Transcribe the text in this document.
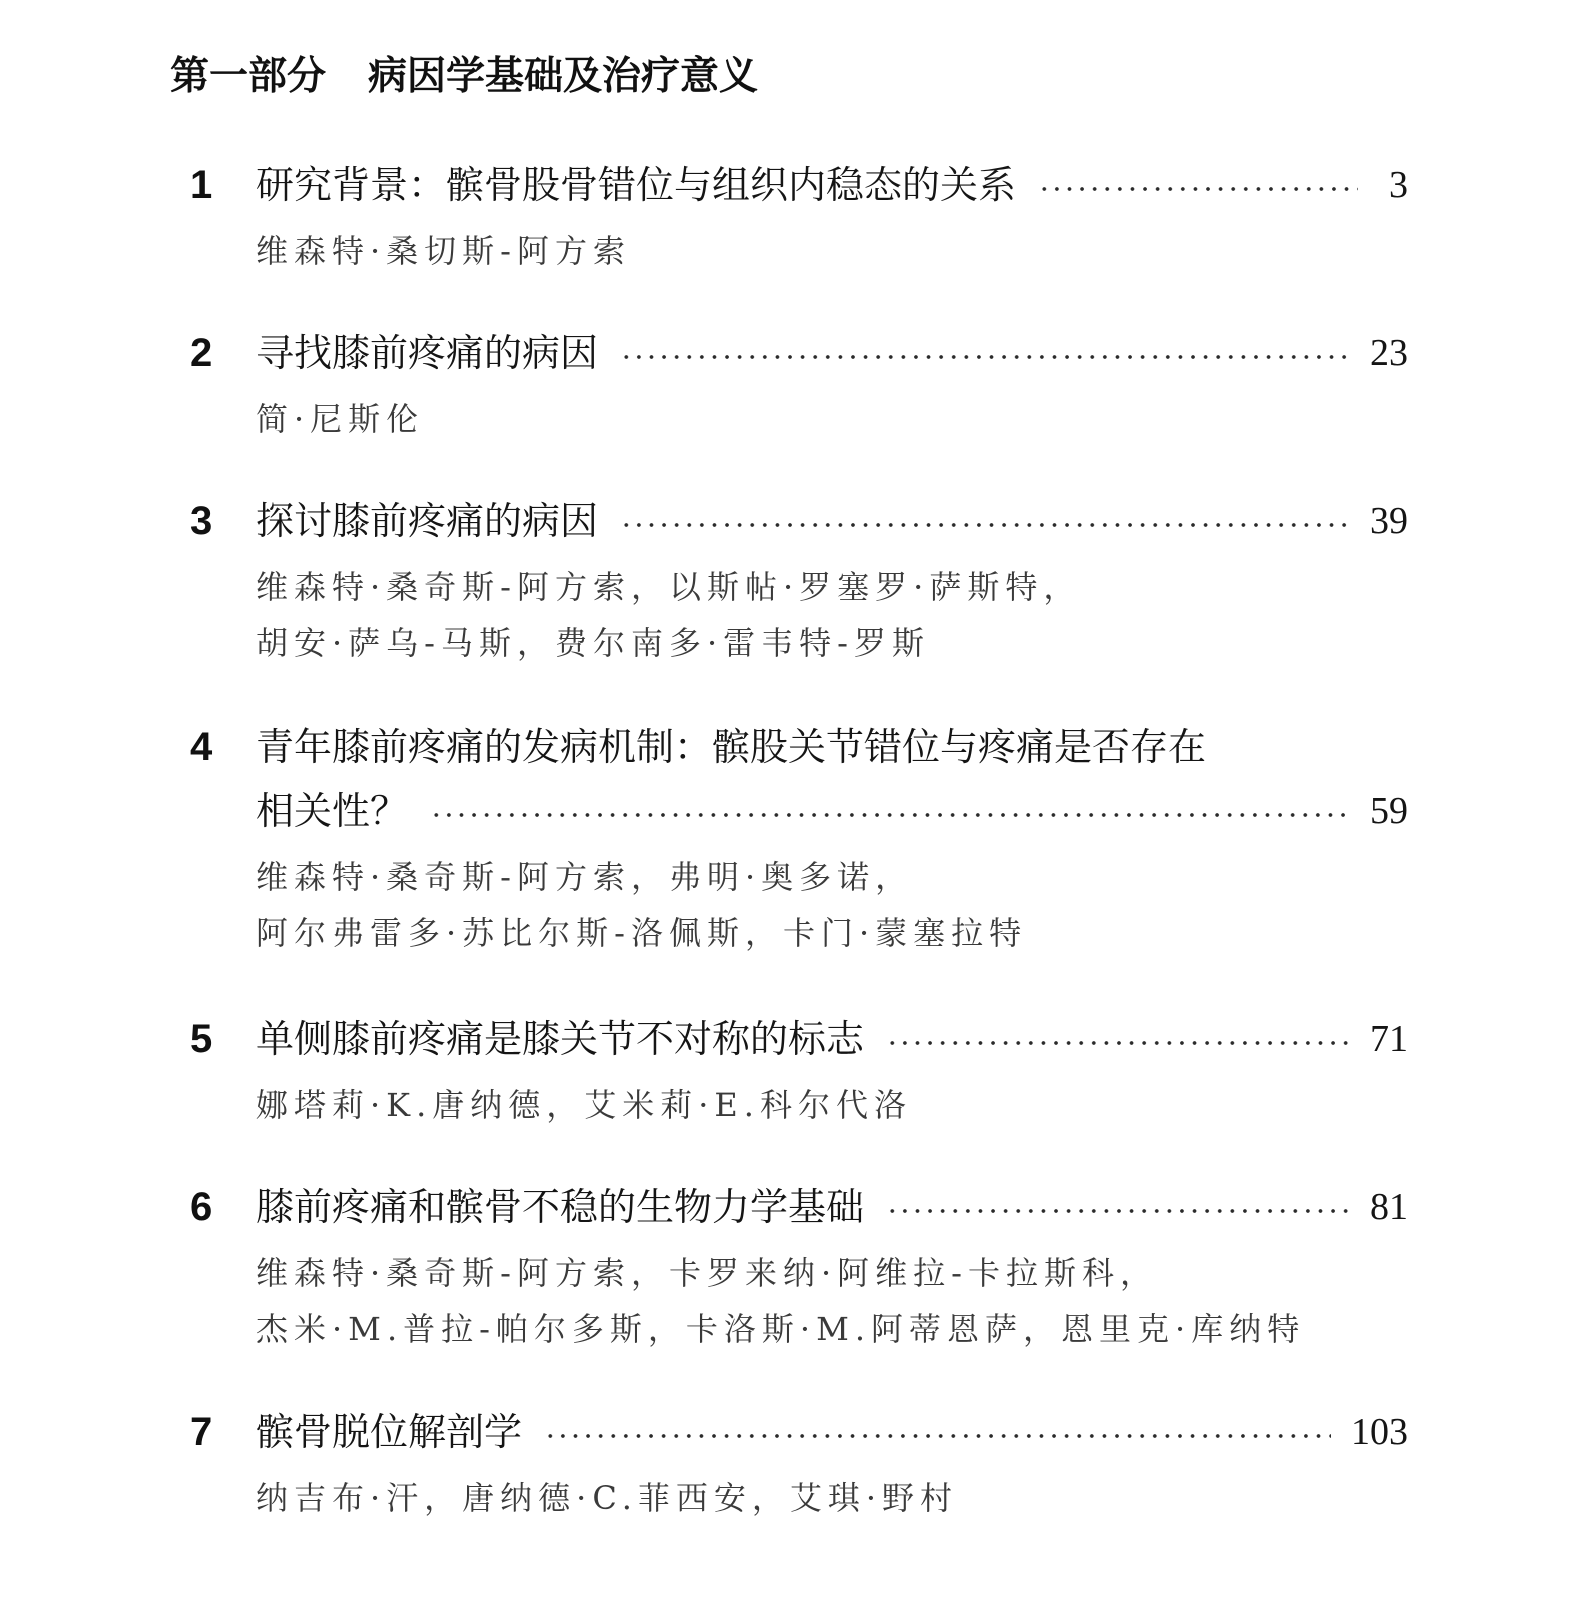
第一部分 病因学基础及治疗意义
1	研究背景：髌骨股骨错位与组织内稳态的关系	3
维森特·桑切斯-阿方索
2	寻找膝前疼痛的病因	23
简·尼斯伦
3	探讨膝前疼痛的病因	39
维森特·桑奇斯-阿方索，以斯帖·罗塞罗·萨斯特，
胡安·萨乌-马斯，费尔南多·雷韦特-罗斯
4	青年膝前疼痛的发病机制：髌股关节错位与疼痛是否存在
相关性？	59
维森特·桑奇斯-阿方索，弗明·奥多诺，
阿尔弗雷多·苏比尔斯-洛佩斯，卡门·蒙塞拉特
5	单侧膝前疼痛是膝关节不对称的标志	71
娜塔莉·K.唐纳德，艾米莉·E.科尔代洛
6	膝前疼痛和髌骨不稳的生物力学基础	81
维森特·桑奇斯-阿方索，卡罗来纳·阿维拉-卡拉斯科，
杰米·M.普拉-帕尔多斯，卡洛斯·M.阿蒂恩萨，恩里克·库纳特
7	髌骨脱位解剖学	103
纳吉布·汗，唐纳德·C.菲西安，艾琪·野村
